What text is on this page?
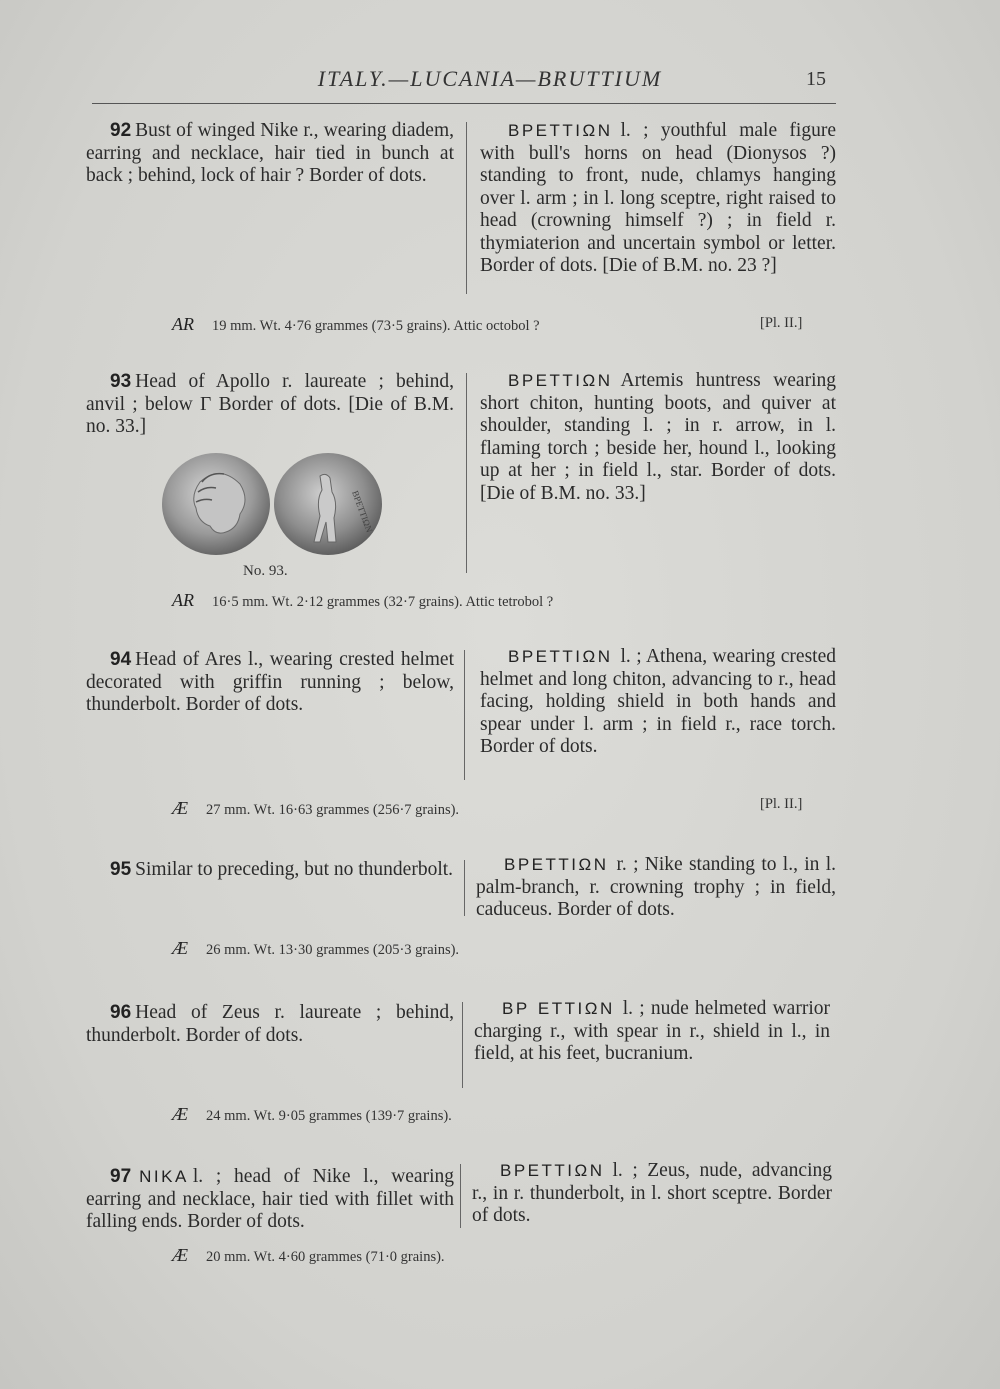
ITALY.—LUCANIA—BRUTTIUM	15
92 Bust of winged Nike r., wearing diadem, earring and necklace, hair tied in bunch at back ; behind, lock of hair ? Border of dots.
BPETTIΩN l. ; youthful male figure with bull's horns on head (Dionysos ?) standing to front, nude, chlamys hanging over l. arm ; in l. long sceptre, right raised to head (crowning himself ?) ; in field r. thymiaterion and uncertain symbol or letter. Border of dots. [Die of B.M. no. 23 ?]
AR 19 mm. Wt. 4·76 grammes (73·5 grains). Attic octobol ?	[Pl. II.]
93 Head of Apollo r. laureate ; behind, anvil ; below Γ Border of dots. [Die of B.M. no. 33.]
BPETTIΩN
No. 93.
BPETTIΩN Artemis huntress wearing short chiton, hunting boots, and quiver at shoulder, standing l. ; in r. arrow, in l. flaming torch ; beside her, hound l., looking up at her ; in field l., star. Border of dots. [Die of B.M. no. 33.]
AR 16·5 mm. Wt. 2·12 grammes (32·7 grains). Attic tetrobol ?
94 Head of Ares l., wearing crested helmet decorated with griffin running ; below, thunderbolt. Border of dots.
BPETTIΩN l. ; Athena, wearing crested helmet and long chiton, advancing to r., head facing, holding shield in both hands and spear under l. arm ; in field r., race torch. Border of dots.
Æ 27 mm. Wt. 16·63 grammes (256·7 grains).	[Pl. II.]
95 Similar to preceding, but no thunderbolt.	BPETTIΩN r. ; Nike standing to l., in l. palm-branch, r. crowning trophy ; in field, caduceus. Border of dots.
Æ 26 mm. Wt. 13·30 grammes (205·3 grains).
96 Head of Zeus r. laureate ; behind, thunderbolt. Border of dots.
BP ETTIΩN l. ; nude helmeted warrior charging r., with spear in r., shield in l., in field, at his feet, bucranium.
Æ 24 mm. Wt. 9·05 grammes (139·7 grains).
97 NIKA l. ; head of Nike l., wearing earring and necklace, hair tied with fillet with falling ends. Border of dots.
BPETTIΩN l. ; Zeus, nude, advancing r., in r. thunderbolt, in l. short sceptre. Border of dots.
Æ 20 mm. Wt. 4·60 grammes (71·0 grains).
